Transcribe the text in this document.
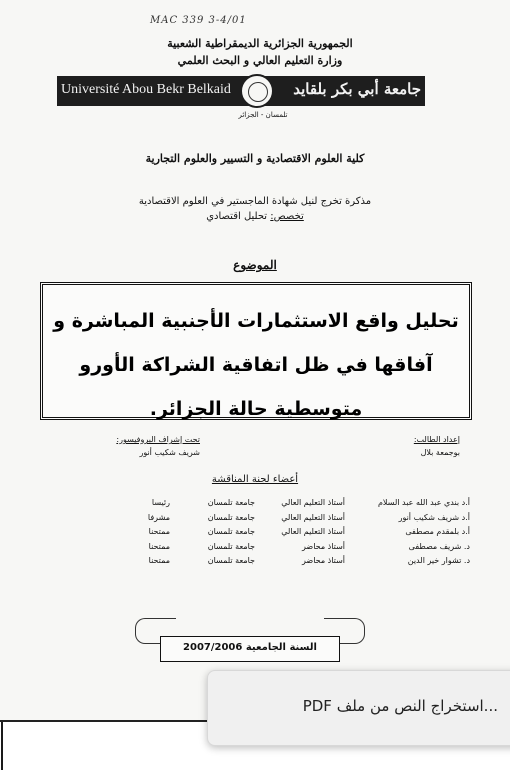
MAC 339 3-4/01
الجمهورية الجزائرية الديمقراطية الشعبية
وزارة التعليم العالي و البحث العلمي
Université Abou Bekr Belkaid	جامعة أبي بكر بلقايد
تلمسان - الجزائر
كلية العلوم الاقتصادية و التسيير والعلوم التجارية
مذكرة تخرج لنيل شهادة الماجستير في العلوم الاقتصادية
تخصص: تحليل اقتصادي
الموضوع
تحليل واقع الاستثمارات الأجنبية المباشرة و آفاقها في ظل اتفاقية الشراكة الأورو متوسطية حالة الجزائر.
إعداد الطالب:
بوجمعة بلال
تحت إشراف البروفيسور:
شريف شكيب أنور
أعضاء لجنة المناقشة
أ.د بندي عبد الله عبد السلام
أستاذ التعليم العالي
جامعة تلمسان
رئيسا
أ.د شريف شكيب أنور
أستاذ التعليم العالي
جامعة تلمسان
مشرفا
أ.د بلمقدم مصطفى
أستاذ التعليم العالي
جامعة تلمسان
ممتحنا
د. شريف مصطفى
أستاذ محاضر
جامعة تلمسان
ممتحنا
د. تشوار خير الدين
أستاذ محاضر
جامعة تلمسان
ممتحنا
السنة الجامعية 2007/2006
...استخراج النص من ملف PDF
